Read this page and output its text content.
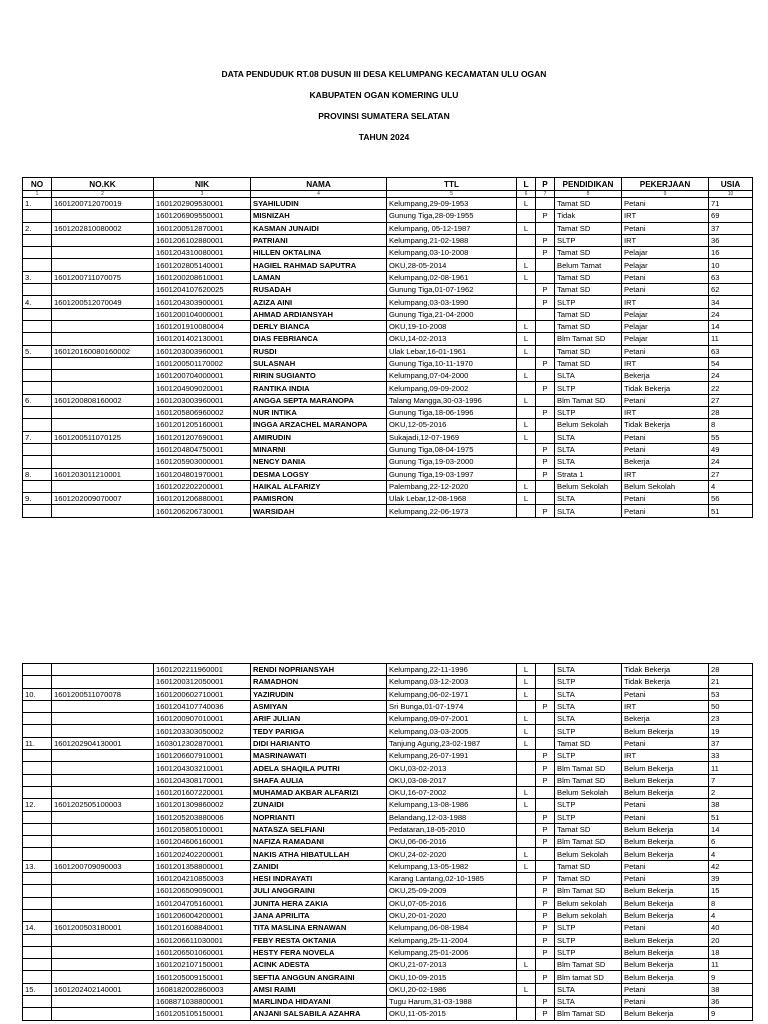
DATA PENDUDUK RT.08 DUSUN III DESA KELUMPANG KECAMATAN ULU OGAN
KABUPATEN OGAN KOMERING ULU
PROVINSI SUMATERA SELATAN
TAHUN 2024
NO	NO.KK	NIK	NAMA	TTL	L	P	PENDIDIKAN	PEKERJAAN	USIA
1	2	3	4	5	6	7	8	9	10
1.	1601200712070019	1601202909530001	SYAHILUDIN	Kelumpang,29-09-1953	L		Tamat SD	Petani	71
		1601206909550001	MISNIZAH	Gunung Tiga,28-09-1955		P	Tidak	IRT	69
2.	1601202810080002	1601200512870001	KASMAN JUNAIDI	Kelumpang, 05-12-1987	L		Tamat SD	Petani	37
		1601206102880001	PATRIANI	Kelumpang,21-02-1988		P	SLTP	IRT	36
		1601204310080001	HILLEN OKTALINA	Kelumpang,03-10-2008		P	Tamat SD	Pelajar	16
		1601202805140001	HAGIEL RAHMAD SAPUTRA	OKU,28-05-2014	L		Belum Tamat	Pelajar	10
3.	1601200711070075	1601200208610001	LAMAN	Kelumpang,02-08-1961	L		Tamat SD	Petani	63
		1601204107620025	RUSADAH	Gunung Tiga,01-07-1962		P	Tamat SD	Petani	62
4.	1601200512070049	1601204303900001	AZIZA AINI	Kelumpang,03-03-1990		P	SLTP	IRT	34
		1601200104000001	AHMAD ARDIANSYAH	Gunung Tiga,21-04-2000			Tamat SD	Pelajar	24
		1601201910080004	DERLY BIANCA	OKU,19-10-2008	L		Tamat SD	Pelajar	14
		1601201402130001	DIAS FEBRIANCA	OKU,14-02-2013	L		Blm Tamat SD	Pelajar	11
5.	160120160080160002	1601203003960001	RUSDI	Ulak Lebar,16-01-1961	L		Tamat SD	Petani	63
		1601200501170002	SULASNAH	Gunung Tiga,10-11-1970		P	Tamat SD	IRT	54
		1601200704000001	RIRIN SUGIANTO	Kelumpang,07-04-2000	L		SLTA	Bekerja	24
		1601204909020001	RANTIKA INDIA	Kelumpang,09-09-2002		P	SLTP	Tidak Bekerja	22
6.	1601200808160002	1601203003960001	ANGGA SEPTA MARANOPA	Talang Mangga,30-03-1996	L		Blm Tamat SD	Petani	27
		1601205806960002	NUR INTIKA	Gunung Tiga,18-06-1996		P	SLTP	IRT	28
		1601201205160001	INGGA ARZACHEL MARANOPA	OKU,12-05-2016	L		Belum Sekolah	Tidak Bekerja	8
7.	1601200511070125	1601201207690001	AMIRUDIN	Sukajadi,12-07-1969	L		SLTA	Petani	55
		1601204804750001	MINARNI	Gunung Tiga,08-04-1975		P	SLTA	Petani	49
		1601205903000001	NENCY DANIA	Gunung Tiga,19-03-2000		P	SLTA	Bekerja	24
8.	1601203011210001	1601204801970001	DESMA LOGSY	Gunung Tiga,19-03-1997		P	Strata 1	IRT	27
		1601202202200001	HAIKAL ALFARIZY	Palembang,22-12-2020	L		Belum Sekolah	Belum Sekolah	4
9.	1601202009070007	1601201206880001	PAMISRON	Ulak Lebar,12-08-1968	L		SLTA	Petani	56
		1601206206730001	WARSIDAH	Kelumpang,22-06-1973		P	SLTA	Petani	51
		1601202211960001	RENDI NOPRIANSYAH	Kelumpang,22-11-1996	L		SLTA	Tidak Bekerja	28
		1601200312050001	RAMADHON	Kelumpang,03-12-2003	L		SLTP	Tidak Bekerja	21
10.	1601200511070078	1601200602710001	YAZIRUDIN	Kelumpang,06-02-1971	L		SLTA	Petani	53
		1601204107740036	ASMIYAN	Sri Bunga,01-07-1974		P	SLTA	IRT	50
		1601200907010001	ARIF JULIAN	Kelumpang,09-07-2001	L		SLTA	Bekerja	23
		1601203303050002	TEDY PARIGA	Kelumpang,03-03-2005	L		SLTP	Belum Bekerja	19
11.	1601202904130001	1603012302870001	DIDI HARIANTO	Tanjung Agung,23-02-1987	L		Tamat SD	Petani	37
		1601206607910001	MASRINAWATI	Kelumpang,26-07-1991		P	SLTP	IRT	33
		1601204303210001	ADELA SHAQILA PUTRI	OKU,03-02-2013		P	Blm Tamat SD	Belum Bekerja	11
		1601204308170001	SHAFA AULIA	OKU,03-08-2017		P	Blm Tamat SD	Belum Bekerja	7
		1601201607220001	MUHAMAD AKBAR ALFARIZI	OKU,16-07-2002	L		Belum Sekolah	Belum Bekerja	2
12.	1601202505100003	1601201309860002	ZUNAIDI	Kelumpang,13-08-1986	L		SLTP	Petani	38
		1601205203880006	NOPRIANTI	Belandang,12-03-1988		P	SLTP	Petani	51
		1601205805100001	NATASZA SELFIANI	Pedataran,18-05-2010		P	Tamat SD	Belum Bekerja	14
		1601204606160001	NAFIZA RAMADANI	OKU,06-06-2016		P	Blm Tamat SD	Belum Bekerja	6
		1601202402200001	NAKIS ATHA HIBATULLAH	OKU,24-02-2020	L		Belum Sekolah	Belum Bekerja	4
13.	1601200709090003	1601201358800001	ZANIDI	Kelumpang,13-05-1982	L		Tamat SD	Petani	42
		1601204210850003	HESI INDRAYATI	Karang Lantang,02-10-1985		P	Tamat SD	Petani	39
		1601206509090001	JULI ANGGRAINI	OKU,25-09-2009		P	Blm Tamat SD	Belum Bekerja	15
		1601204705160001	JUNITA HERA ZAKIA	OKU,07-05-2016		P	Belum sekolah	Belum Bekerja	8
		1601206004200001	JANA APRILITA	OKU,20-01-2020		P	Belum sekolah	Belum Bekerja	4
14.	1601200503180001	1601201608840001	TITA MASLINA ERNAWAN	Kelumpang,06-08-1984		P	SLTP	Petani	40
		1601206611030001	FEBY RESTA OKTANIA	Kelumpang,25-11-2004		P	SLTP	Belum Bekerja	20
		1601206501060001	HESTY FERA NOVELA	Kelumpang,25-01-2006		P	SLTP	Belum Bekerja	18
		1601202107150001	ACINK ADESTA	OKU,21-07-2013	L		Blm Tamat SD	Belum Bekerja	11
		1601205009150001	SEFTIA ANGGUN ANGRAINI	OKU,10-09-2015		P	Blm tamat SD	Belum Bekerja	9
15.	1601202402140001	1608182002860003	AMSI RAIMI	OKU,20-02-1986	L		SLTA	Petani	38
		1608871038800001	MARLINDA HIDAYANI	Tugu Harum,31-03-1988		P	SLTA	Petani	36
		1601205105150001	ANJANI SALSABILA AZAHRA	OKU,11-05-2015		P	Blm Tamat SD	Belum Bekerja	9
